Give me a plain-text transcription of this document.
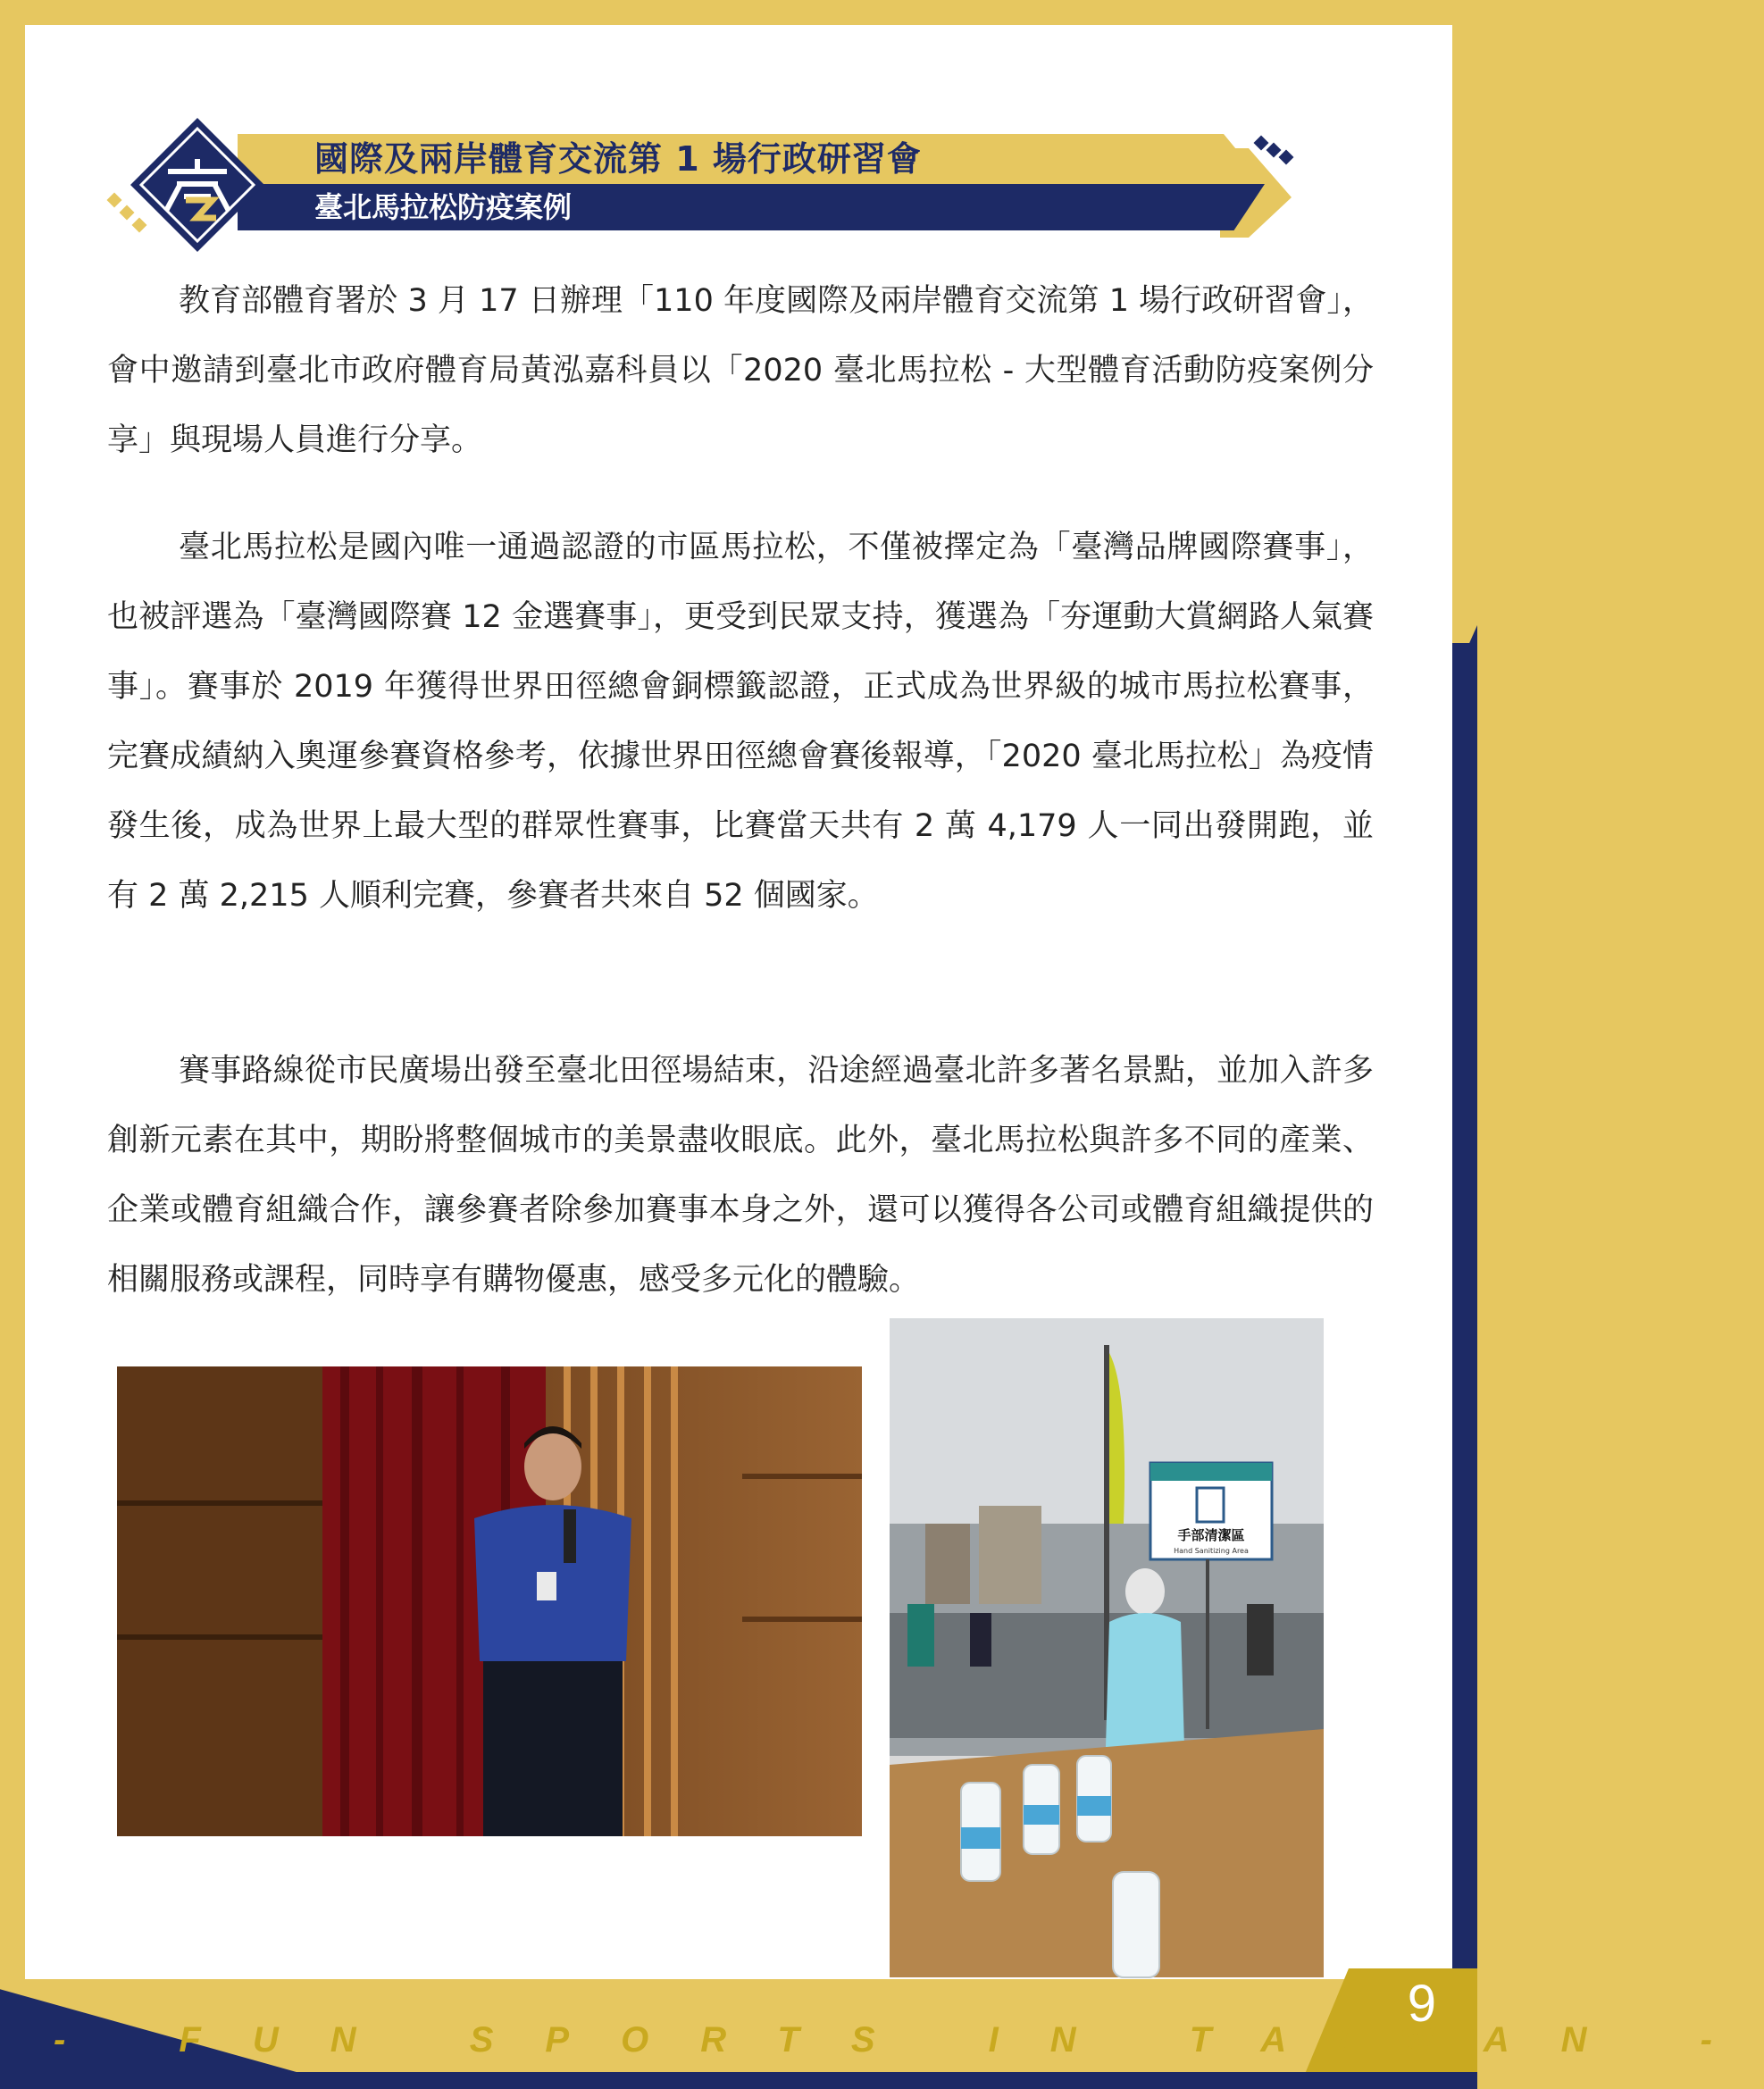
國際及兩岸體育交流第 1 場行政研習會
臺北馬拉松防疫案例

教育部體育署於 3 月 17 日辦理「110 年度國際及兩岸體育交流第 1 場行政研習會」，會中邀請到臺北市政府體育局黃泓嘉科員以「2020 臺北馬拉松 - 大型體育活動防疫案例分享」與現場人員進行分享。

臺北馬拉松是國內唯一通過認證的市區馬拉松，不僅被擇定為「臺灣品牌國際賽事」，也被評選為「臺灣國際賽 12 金選賽事」，更受到民眾支持，獲選為「夯運動大賞網路人氣賽事」。賽事於 2019 年獲得世界田徑總會銅標籤認證，正式成為世界級的城市馬拉松賽事，完賽成績納入奧運參賽資格參考，依據世界田徑總會賽後報導，「2020 臺北馬拉松」為疫情發生後，成為世界上最大型的群眾性賽事，比賽當天共有 2 萬 4,179 人一同出發開跑，並有 2 萬 2,215 人順利完賽，參賽者共來自 52 個國家。

賽事路線從市民廣場出發至臺北田徑場結束，沿途經過臺北許多著名景點，並加入許多創新元素在其中，期盼將整個城市的美景盡收眼底。此外，臺北馬拉松與許多不同的產業、企業或體育組織合作，讓參賽者除參加賽事本身之外，還可以獲得各公司或體育組織提供的相關服務或課程，同時享有購物優惠，感受多元化的體驗。

手部清潔區
Hand Sanitizing Area
9
- FUN SPORTS IN TAIWAN -
